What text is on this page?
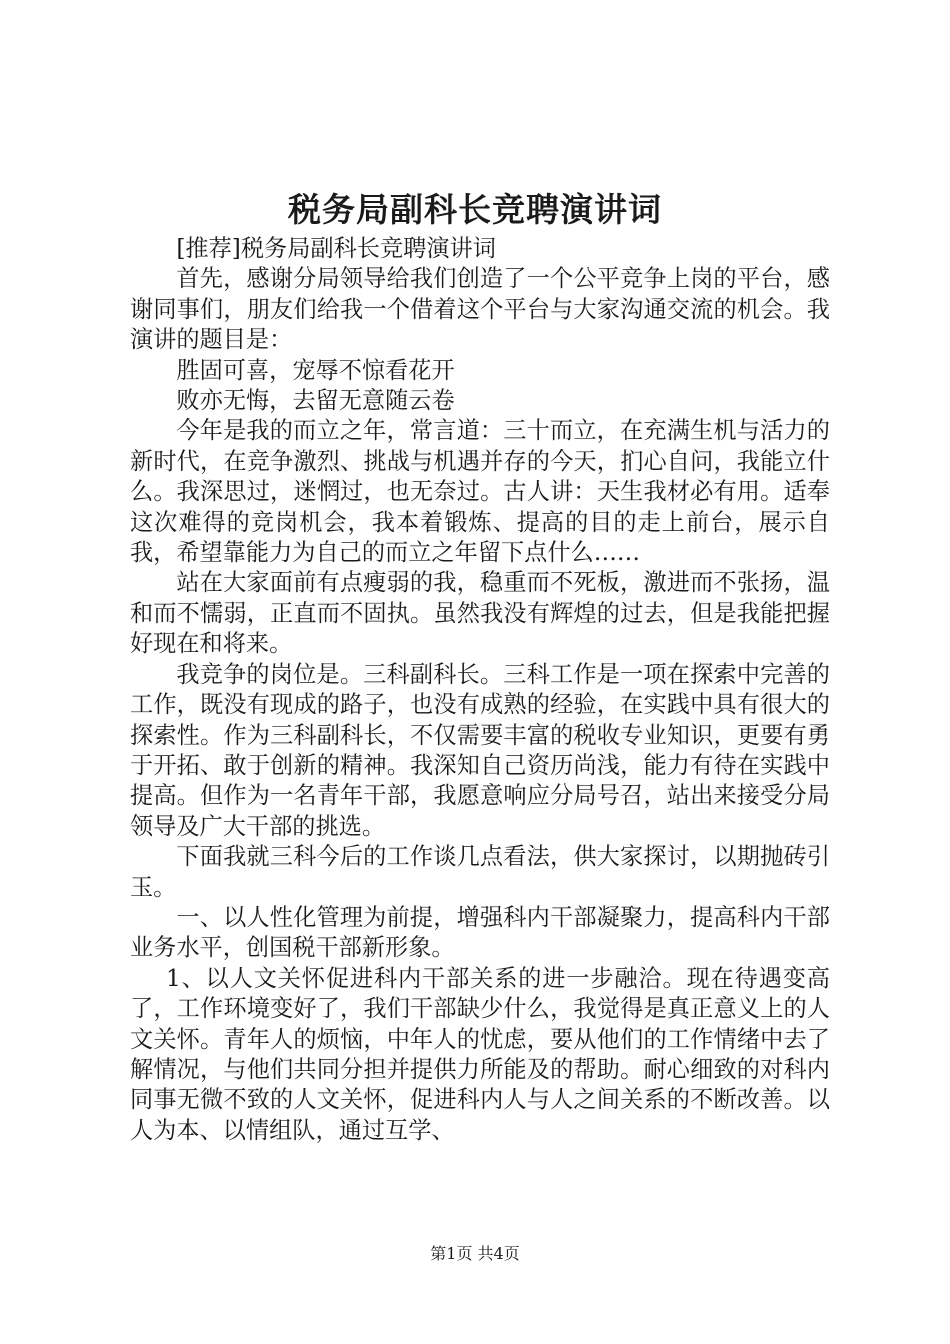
税务局副科长竞聘演讲词

[推荐]税务局副科长竞聘演讲词

首先，感谢分局领导给我们创造了一个公平竞争上岗的平台，感谢同事们，朋友们给我一个借着这个平台与大家沟通交流的机会。我演讲的题目是：

胜固可喜，宠辱不惊看花开

败亦无悔，去留无意随云卷

今年是我的而立之年，常言道：三十而立，在充满生机与活力的新时代，在竞争激烈、挑战与机遇并存的今天，扪心自问，我能立什么。我深思过，迷惘过，也无奈过。古人讲：天生我材必有用。适奉这次难得的竞岗机会，我本着锻炼、提高的目的走上前台，展示自我，希望靠能力为自己的而立之年留下点什么……

站在大家面前有点瘦弱的我，稳重而不死板，激进而不张扬，温和而不懦弱，正直而不固执。虽然我没有辉煌的过去，但是我能把握好现在和将来。

我竞争的岗位是。三科副科长。三科工作是一项在探索中完善的工作，既没有现成的路子，也没有成熟的经验，在实践中具有很大的探索性。作为三科副科长，不仅需要丰富的税收专业知识，更要有勇于开拓、敢于创新的精神。我深知自己资历尚浅，能力有待在实践中提高。但作为一名青年干部，我愿意响应分局号召，站出来接受分局领导及广大干部的挑选。

下面我就三科今后的工作谈几点看法，供大家探讨，以期抛砖引玉。

一、以人性化管理为前提，增强科内干部凝聚力，提高科内干部业务水平，创国税干部新形象。

1、以人文关怀促进科内干部关系的进一步融洽。现在待遇变高了，工作环境变好了，我们干部缺少什么，我觉得是真正意义上的人文关怀。青年人的烦恼，中年人的忧虑，要从他们的工作情绪中去了解情况，与他们共同分担并提供力所能及的帮助。耐心细致的对科内同事无微不致的人文关怀，促进科内人与人之间关系的不断改善。以人为本、以情组队，通过互学、

第1页 共4页
